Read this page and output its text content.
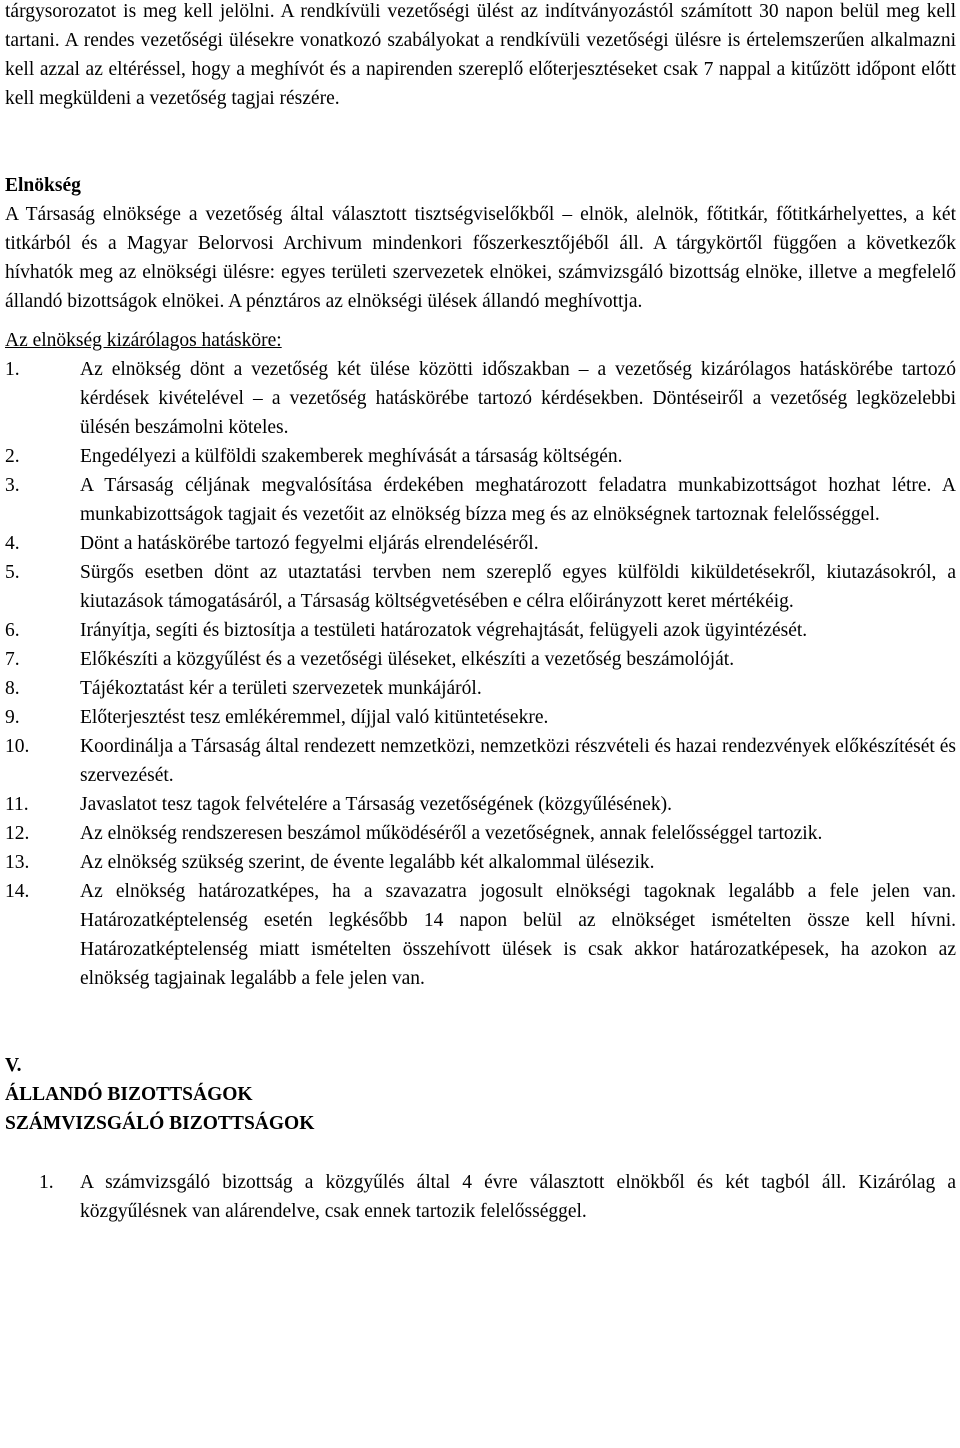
tárgysorozatot is meg kell jelölni. A rendkívüli vezetőségi ülést az indítványozástól számított 30 napon belül meg kell tartani. A rendes vezetőségi ülésekre vonatkozó szabályokat a rendkívüli vezetőségi ülésre is értelemszerűen alkalmazni kell azzal az eltéréssel, hogy a meghívót és a napirenden szereplő előterjesztéseket csak 7 nappal a kitűzött időpont előtt kell megküldeni a vezetőség tagjai részére.

Elnökség

A Társaság elnöksége a vezetőség által választott tisztségviselőkből – elnök, alelnök, főtitkár, főtitkárhelyettes, a két titkárból és a Magyar Belorvosi Archivum mindenkori főszerkesztőjéből áll. A tárgykörtől függően a következők hívhatók meg az elnökségi ülésre: egyes területi szervezetek elnökei, számvizsgáló bizottság elnöke, illetve a megfelelő állandó bizottságok elnökei. A pénztáros az elnökségi ülések állandó meghívottja.

Az elnökség kizárólagos hatásköre:
1.	Az elnökség dönt a vezetőség két ülése közötti időszakban – a vezetőség kizárólagos hatáskörébe tartozó kérdések kivételével – a vezetőség hatáskörébe tartozó kérdésekben. Döntéseiről a vezetőség legközelebbi ülésén beszámolni köteles.
2.	Engedélyezi a külföldi szakemberek meghívását a társaság költségén.
3.	A Társaság céljának megvalósítása érdekében meghatározott feladatra munkabizottságot hozhat létre. A munkabizottságok tagjait és vezetőit az elnökség bízza meg és az elnökségnek tartoznak felelősséggel.
4.	Dönt a hatáskörébe tartozó fegyelmi eljárás elrendeléséről.
5.	Sürgős esetben dönt az utaztatási tervben nem szereplő egyes külföldi kiküldetésekről, kiutazásokról, a kiutazások támogatásáról, a Társaság költségvetésében e célra előirányzott keret mértékéig.
6.	Irányítja, segíti és biztosítja a testületi határozatok végrehajtását, felügyeli azok ügyintézését.
7.	Előkészíti a közgyűlést és a vezetőségi üléseket, elkészíti a vezetőség beszámolóját.
8.	Tájékoztatást kér a területi szervezetek munkájáról.
9.	Előterjesztést tesz emlékéremmel, díjjal való kitüntetésekre.
10.	Koordinálja a Társaság által rendezett nemzetközi, nemzetközi részvételi és hazai rendezvények előkészítését és szervezését.
11.	Javaslatot tesz tagok felvételére a Társaság vezetőségének (közgyűlésének).
12.	Az elnökség rendszeresen beszámol működéséről a vezetőségnek, annak felelősséggel tartozik.
13.	Az elnökség szükség szerint, de évente legalább két alkalommal ülésezik.
14.	Az elnökség határozatképes, ha a szavazatra jogosult elnökségi tagoknak legalább a fele jelen van. Határozatképtelenség esetén legkésőbb 14 napon belül az elnökséget ismételten össze kell hívni. Határozatképtelenség miatt ismételten összehívott ülések is csak akkor határozatképesek, ha azokon az elnökség tagjainak legalább a fele jelen van.
V.
ÁLLANDÓ BIZOTTSÁGOK
SZÁMVIZSGÁLÓ BIZOTTSÁGOK
1. A számvizsgáló bizottság a közgyűlés által 4 évre választott elnökből és két tagból áll. Kizárólag a közgyűlésnek van alárendelve, csak ennek tartozik felelősséggel.
